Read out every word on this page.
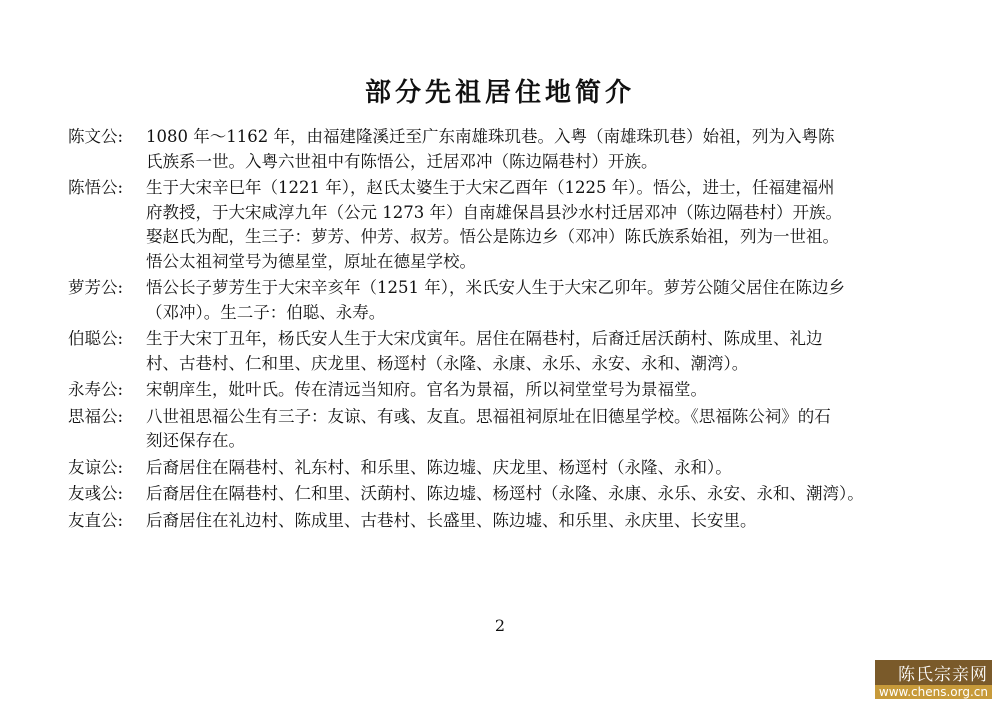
部分先祖居住地简介
陈文公:	1080 年～1162 年，由福建隆溪迁至广东南雄珠玑巷。入粤（南雄珠玑巷）始祖，列为入粤陈
氏族系一世。入粤六世祖中有陈悟公，迁居邓冲（陈边隔巷村）开族。
陈悟公:	生于大宋辛巳年（1221 年），赵氏太婆生于大宋乙酉年（1225 年）。悟公，进士，任福建福州
府教授，于大宋咸淳九年（公元 1273 年）自南雄保昌县沙水村迁居邓冲（陈边隔巷村）开族。
娶赵氏为配，生三子：萝芳、仲芳、叔芳。悟公是陈边乡（邓冲）陈氏族系始祖，列为一世祖。
悟公太祖祠堂号为德星堂，原址在德星学校。
萝芳公:	悟公长子萝芳生于大宋辛亥年（1251 年），米氏安人生于大宋乙卯年。萝芳公随父居住在陈边乡
（邓冲）。生二子：伯聪、永寿。
伯聪公:	生于大宋丁丑年，杨氏安人生于大宋戊寅年。居住在隔巷村，后裔迁居沃蓢村、陈成里、礼边
村、古巷村、仁和里、庆龙里、杨逕村（永隆、永康、永乐、永安、永和、潮湾）。
永寿公:	宋朝庠生，妣叶氏。传在清远当知府。官名为景福，所以祠堂堂号为景福堂。
思福公:	八世祖思福公生有三子：友谅、有彧、友直。思福祖祠原址在旧德星学校。《思福陈公祠》的石
刻还保存在。
友谅公:	后裔居住在隔巷村、礼东村、和乐里、陈边墟、庆龙里、杨逕村（永隆、永和）。
友彧公:	后裔居住在隔巷村、仁和里、沃蓢村、陈边墟、杨逕村（永隆、永康、永乐、永安、永和、潮湾）。
友直公:	后裔居住在礼边村、陈成里、古巷村、长盛里、陈边墟、和乐里、永庆里、长安里。
2
陈氏宗亲网
www.chens.org.cn
